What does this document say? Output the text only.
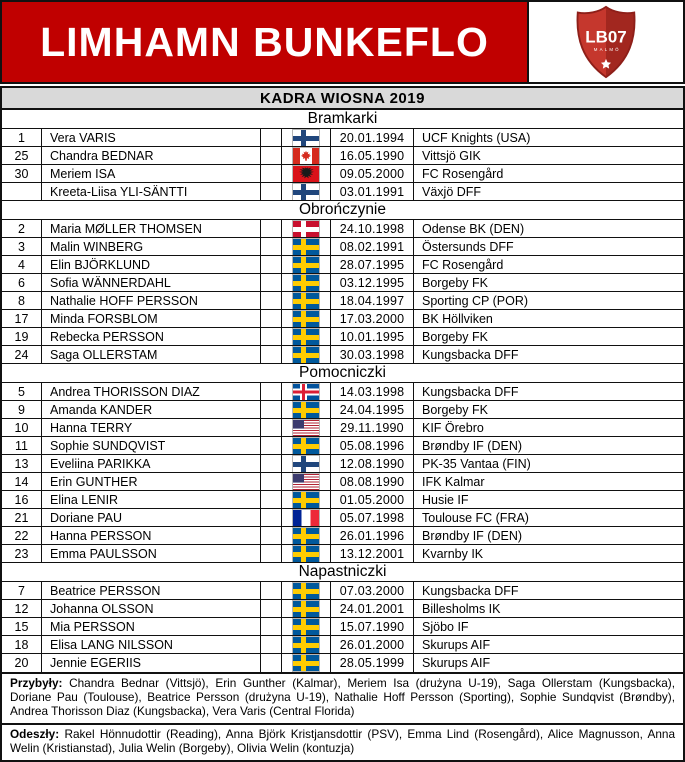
LIMHAMN BUNKEFLO	LB07
MALMÖ
KADRA WIOSNA 2019
Bramkarki
1	Vera VARIS	20.01.1994	UCF Knights (USA)
25	Chandra BEDNAR	16.05.1990	Vittsjö GIK
30	Meriem ISA	09.05.2000	FC Rosengård
Kreeta-Liisa YLI-SÄNTTI	03.01.1991	Växjö DFF
Obrończynie
2	Maria MØLLER THOMSEN	24.10.1998	Odense BK (DEN)
3	Malin WINBERG	08.02.1991	Östersunds DFF
4	Elin BJÖRKLUND	28.07.1995	FC Rosengård
6	Sofia WÄNNERDAHL	03.12.1995	Borgeby FK
8	Nathalie HOFF PERSSON	18.04.1997	Sporting CP (POR)
17	Minda FORSBLOM	17.03.2000	BK Höllviken
19	Rebecka PERSSON	10.01.1995	Borgeby FK
24	Saga OLLERSTAM	30.03.1998	Kungsbacka DFF
Pomocniczki
5	Andrea THORISSON DIAZ	14.03.1998	Kungsbacka DFF
9	Amanda KANDER	24.04.1995	Borgeby FK
10	Hanna TERRY	29.11.1990	KIF Örebro
11	Sophie SUNDQVIST	05.08.1996	Brøndby IF (DEN)
13	Eveliina PARIKKA	12.08.1990	PK-35 Vantaa (FIN)
14	Erin GUNTHER	08.08.1990	IFK Kalmar
16	Elina LENIR	01.05.2000	Husie IF
21	Doriane PAU	05.07.1998	Toulouse FC (FRA)
22	Hanna PERSSON	26.01.1996	Brøndby IF (DEN)
23	Emma PAULSSON	13.12.2001	Kvarnby IK
Napastniczki
7	Beatrice PERSSON	07.03.2000	Kungsbacka DFF
12	Johanna OLSSON	24.01.2001	Billesholms IK
15	Mia PERSSON	15.07.1990	Sjöbo IF
18	Elisa LANG NILSSON	26.01.2000	Skurups AIF
20	Jennie EGERIIS	28.05.1999	Skurups AIF
Przybyły: Chandra Bednar (Vittsjö), Erin Gunther (Kalmar), Meriem Isa (drużyna U-19), Saga Ollerstam (Kungsbacka), Doriane Pau (Toulouse), Beatrice Persson (drużyna U-19), Nathalie Hoff Persson (Sporting), Sophie Sundqvist (Brøndby), Andrea Thorisson Diaz (Kungsbacka), Vera Varis (Central Florida)
Odeszły: Rakel Hönnudottir (Reading), Anna Björk Kristjansdottir (PSV), Emma Lind (Rosengård), Alice Magnusson, Anna Welin (Kristianstad), Julia Welin (Borgeby), Olivia Welin (kontuzja)
